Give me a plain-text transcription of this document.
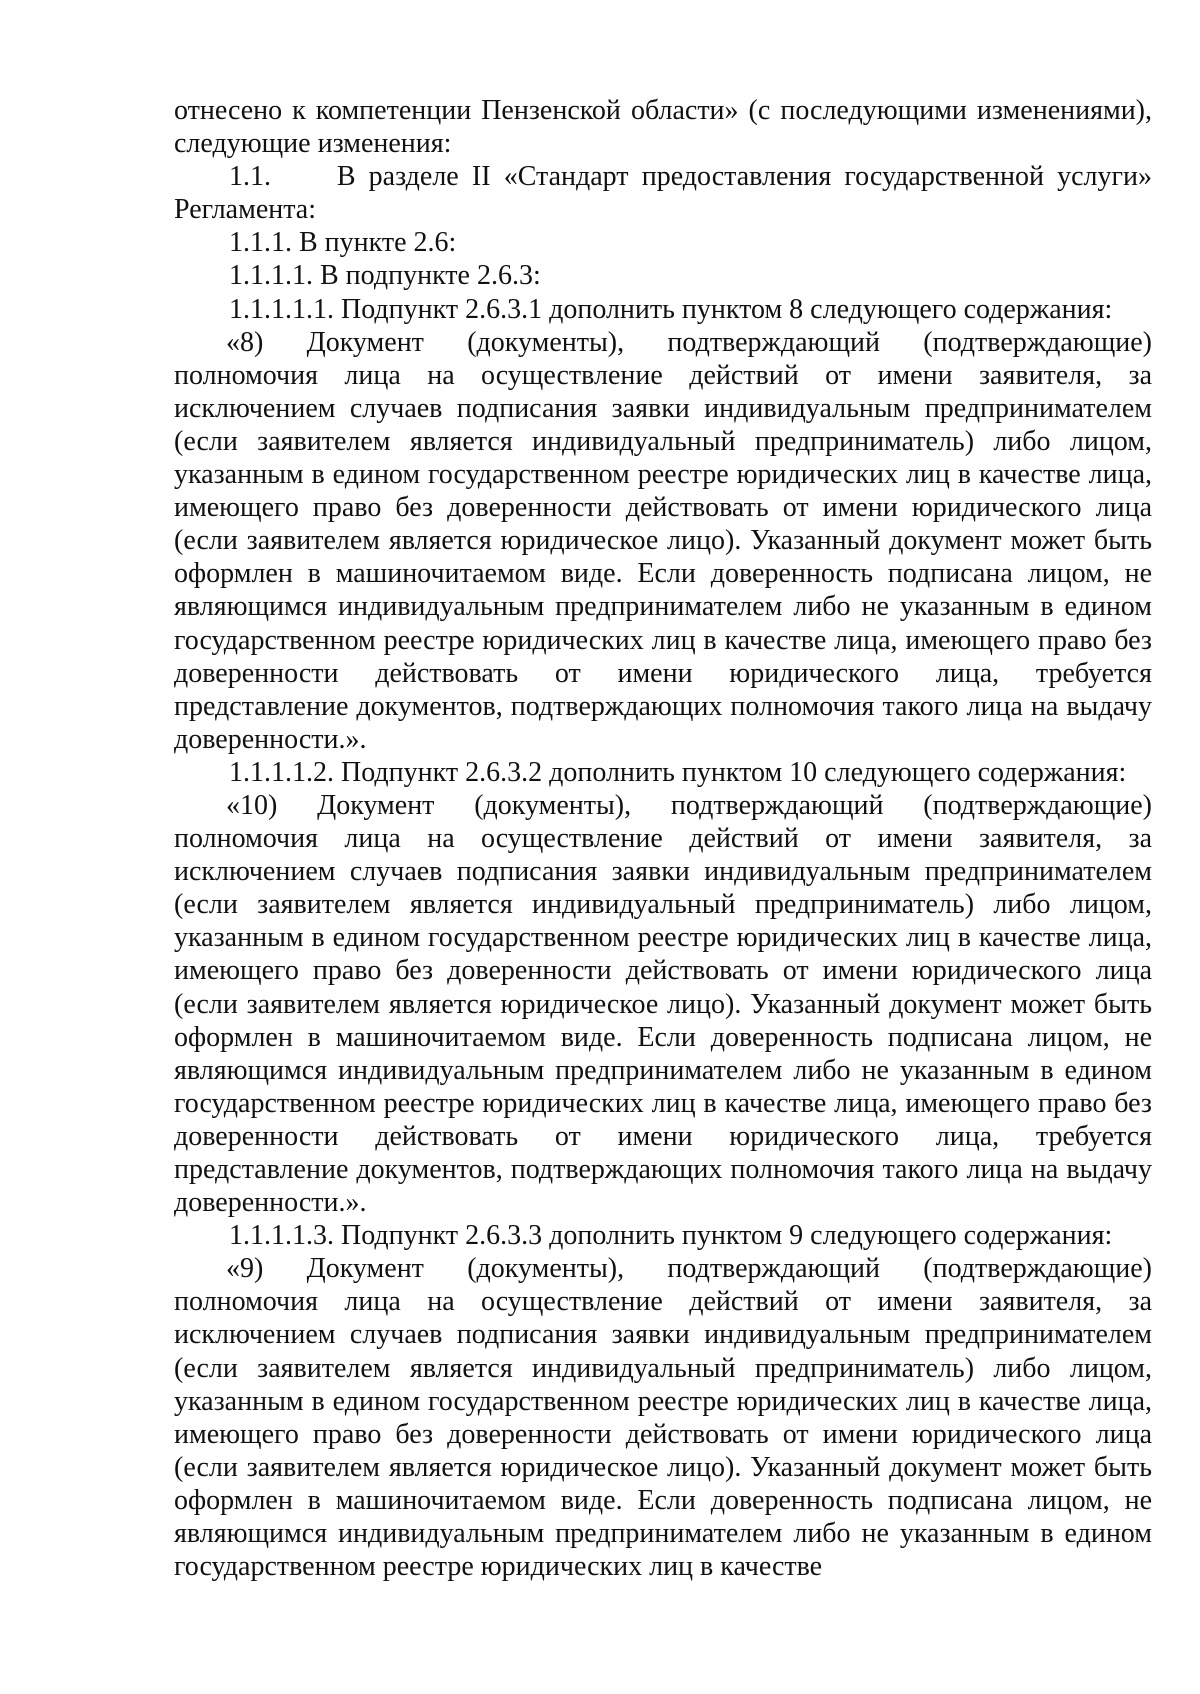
отнесено к компетенции Пензенской области» (с последующими изменениями), следующие изменения:

1.1.     В разделе II «Стандарт предоставления государственной услуги» Регламента:

1.1.1. В пункте 2.6:

1.1.1.1. В подпункте 2.6.3:

1.1.1.1.1. Подпункт 2.6.3.1 дополнить пунктом 8 следующего содержания:

«8) Документ (документы), подтверждающий (подтверждающие) полномочия лица на осуществление действий от имени заявителя, за исключением случаев подписания заявки индивидуальным предпринимателем (если заявителем является индивидуальный предприниматель) либо лицом, указанным в едином государственном реестре юридических лиц в качестве лица, имеющего право без доверенности действовать от имени юридического лица (если заявителем является юридическое лицо). Указанный документ может быть оформлен в машиночитаемом виде. Если доверенность подписана лицом, не являющимся индивидуальным предпринимателем либо не указанным в едином государственном реестре юридических лиц в качестве лица, имеющего право без доверенности действовать от имени юридического лица, требуется представление документов, подтверждающих полномочия такого лица на выдачу доверенности.».

1.1.1.1.2. Подпункт 2.6.3.2 дополнить пунктом 10 следующего содержания:

«10) Документ (документы), подтверждающий (подтверждающие) полномочия лица на осуществление действий от имени заявителя, за исключением случаев подписания заявки индивидуальным предпринимателем (если заявителем является индивидуальный предприниматель) либо лицом, указанным в едином государственном реестре юридических лиц в качестве лица, имеющего право без доверенности действовать от имени юридического лица (если заявителем является юридическое лицо). Указанный документ может быть оформлен в машиночитаемом виде. Если доверенность подписана лицом, не являющимся индивидуальным предпринимателем либо не указанным в едином государственном реестре юридических лиц в качестве лица, имеющего право без доверенности действовать от имени юридического лица, требуется представление документов, подтверждающих полномочия такого лица на выдачу доверенности.».

1.1.1.1.3. Подпункт 2.6.3.3 дополнить пунктом 9 следующего содержания:

«9) Документ (документы), подтверждающий (подтверждающие) полномочия лица на осуществление действий от имени заявителя, за исключением случаев подписания заявки индивидуальным предпринимателем (если заявителем является индивидуальный предприниматель) либо лицом, указанным в едином государственном реестре юридических лиц в качестве лица, имеющего право без доверенности действовать от имени юридического лица (если заявителем является юридическое лицо). Указанный документ может быть оформлен в машиночитаемом виде. Если доверенность подписана лицом, не являющимся индивидуальным предпринимателем либо не указанным в едином государственном реестре юридических лиц в качестве
